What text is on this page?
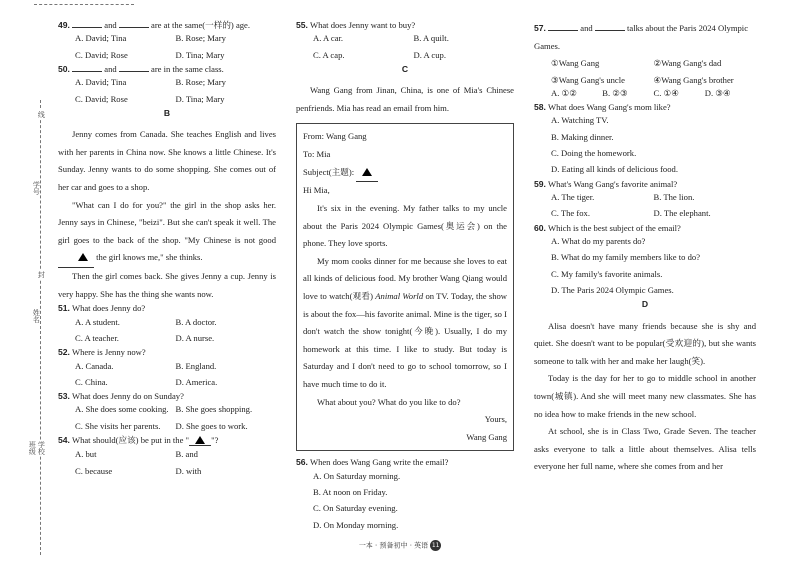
线
学号
封
姓名
学校
班级
49.	and	are at the same(一样的) age.
A. David; Tina	B. Rose; Mary
C. David; Rose	D. Tina; Mary
50.	and	are in the same class.
A. David; Tina	B. Rose; Mary
C. David; Rose	D. Tina; Mary
B
Jenny comes from Canada. She teaches English and lives with her parents in China now. She knows a little Chinese. It's Sunday. Jenny wants to do some shopping. She comes out of her car and goes to a shop.
"What can I do for you?" the girl in the shop asks her. Jenny says in Chinese, "beizi". But she can't speak it well. The girl goes to the back of the shop. "My Chinese is not good  the girl knows me," she thinks.
Then the girl comes back. She gives Jenny a cup. Jenny is very happy. She has the thing she wants now.
51. What does Jenny do?
A. A student.	B. A doctor.
C. A teacher.	D. A nurse.
52. Where is Jenny now?
A. Canada.	B. England.
C. China.	D. America.
53. What does Jenny do on Sunday?
A. She does some cooking. B. She goes shopping.
C. She visits her parents.	D. She goes to work.
54. What should(应该) be put in the "	"?
A. but	B. and
C. because	D. with
55. What does Jenny want to buy?
A. A car.	B. A quilt.
C. A cap.	D. A cup.
C
Wang Gang from Jinan, China, is one of Mia's Chinese penfriends. Mia has read an email from him.
From: Wang Gang
To: Mia
Subject(主题):
Hi Mia,
It's six in the evening. My father talks to my uncle about the Paris 2024 Olympic Games(奥运会) on the phone. They love sports.
My mom cooks dinner for me because she loves to eat all kinds of delicious food. My brother Wang Qiang would love to watch(观看) Animal World on TV. Today, the show is about the fox—his favorite animal. Mine is the tiger, so I don't watch the show tonight(今晚). Usually, I do my homework at this time. I like to study. But today is Saturday and I don't need to go to school tomorrow, so I have much time to do it.
What about you? What do you like to do?
Yours,
Wang Gang
56. When does Wang Gang write the email?
A. On Saturday morning.
B. At noon on Friday.
C. On Saturday evening.
D. On Monday morning.
57.	and	talks about the Paris 2024 Olympic Games.
①Wang Gang	②Wang Gang's dad
③Wang Gang's uncle	④Wang Gang's brother
A. ①②	B. ②③	C. ①④	D. ③④
58. What does Wang Gang's mom like?
A. Watching TV.
B. Making dinner.
C. Doing the homework.
D. Eating all kinds of delicious food.
59. What's Wang Gang's favorite animal?
A. The tiger.	B. The lion.
C. The fox.	D. The elephant.
60. Which is the best subject of the email?
A. What do my parents do?
B. What do my family members like to do?
C. My family's favorite animals.
D. The Paris 2024 Olympic Games.
D
Alisa doesn't have many friends because she is shy and quiet. She doesn't want to be popular(受欢迎的), but she wants someone to talk with her and make her laugh(笑).
Today is the day for her to go to middle school in another town(城镇). And she will meet many new classmates. She has no idea how to make friends in the new school.
At school, she is in Class Two, Grade Seven. The teacher asks everyone to talk a little about themselves. Alisa tells everyone her full name, where she comes from and her
一本 · 预备初中 · 英语 11
